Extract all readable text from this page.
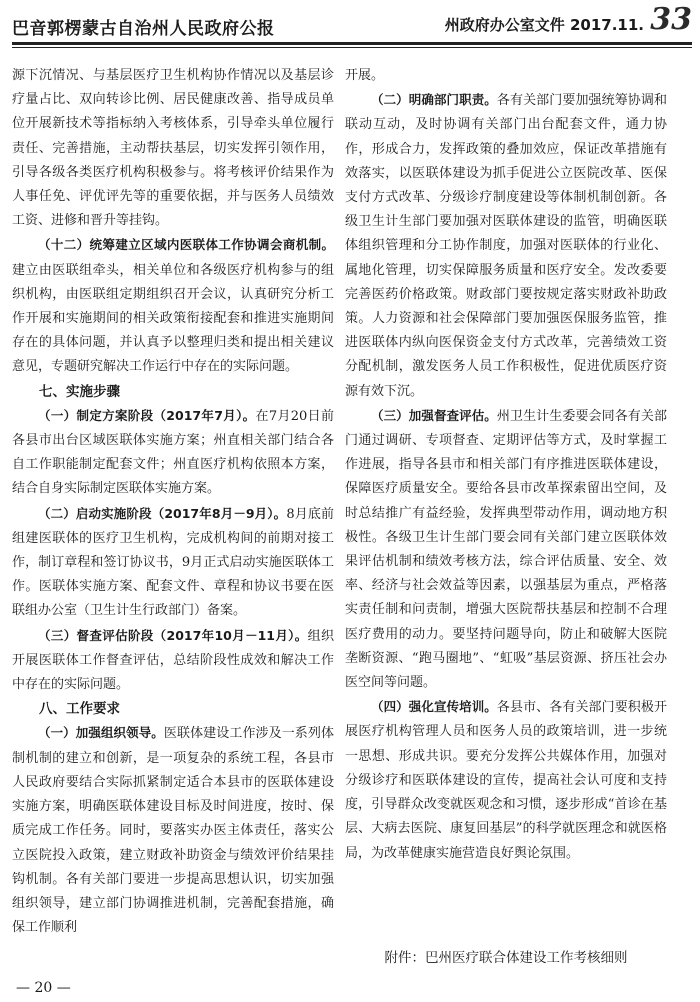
巴音郭楞蒙古自治州人民政府公报	州政府办公室文件 2017.11. 33

源下沉情况、与基层医疗卫生机构协作情况以及基层诊疗量占比、双向转诊比例、居民健康改善、指导成员单位开展新技术等指标纳入考核体系，引导牵头单位履行责任、完善措施，主动帮扶基层，切实发挥引领作用，引导各级各类医疗机构积极参与。将考核评价结果作为人事任免、评优评先等的重要依据，并与医务人员绩效工资、进修和晋升等挂钩。

（十二）统筹建立区域内医联体工作协调会商机制。建立由医联组牵头，相关单位和各级医疗机构参与的组织机构，由医联组定期组织召开会议，认真研究分析工作开展和实施期间的相关政策衔接配套和推进实施期间存在的具体问题，并认真予以整理归类和提出相关建议意见，专题研究解决工作运行中存在的实际问题。

七、实施步骤

（一）制定方案阶段（2017年7月）。在7月20日前各县市出台区域医联体实施方案；州直相关部门结合各自工作职能制定配套文件；州直医疗机构依照本方案，结合自身实际制定医联体实施方案。

（二）启动实施阶段（2017年8月－9月）。8月底前组建医联体的医疗卫生机构，完成机构间的前期对接工作，制订章程和签订协议书，9月正式启动实施医联体工作。医联体实施方案、配套文件、章程和协议书要在医联组办公室（卫生计生行政部门）备案。

（三）督查评估阶段（2017年10月－11月）。组织开展医联体工作督查评估，总结阶段性成效和解决工作中存在的实际问题。

八、工作要求

（一）加强组织领导。医联体建设工作涉及一系列体制机制的建立和创新，是一项复杂的系统工程，各县市人民政府要结合实际抓紧制定适合本县市的医联体建设实施方案，明确医联体建设目标及时间进度，按时、保质完成工作任务。同时，要落实办医主体责任，落实公立医院投入政策，建立财政补助资金与绩效评价结果挂钩机制。各有关部门要进一步提高思想认识，切实加强组织领导，建立部门协调推进机制，完善配套措施，确保工作顺利

开展。

（二）明确部门职责。各有关部门要加强统筹协调和联动互动，及时协调有关部门出台配套文件，通力协作，形成合力，发挥政策的叠加效应，保证改革措施有效落实，以医联体建设为抓手促进公立医院改革、医保支付方式改革、分级诊疗制度建设等体制机制创新。各级卫生计生部门要加强对医联体建设的监管，明确医联体组织管理和分工协作制度，加强对医联体的行业化、属地化管理，切实保障服务质量和医疗安全。发改委要完善医药价格政策。财政部门要按规定落实财政补助政策。人力资源和社会保障部门要加强医保服务监管，推进医联体内纵向医保资金支付方式改革，完善绩效工资分配机制，激发医务人员工作积极性，促进优质医疗资源有效下沉。

（三）加强督查评估。州卫生计生委要会同各有关部门通过调研、专项督查、定期评估等方式，及时掌握工作进展，指导各县市和相关部门有序推进医联体建设，保障医疗质量安全。要给各县市改革探索留出空间，及时总结推广有益经验，发挥典型带动作用，调动地方积极性。各级卫生计生部门要会同有关部门建立医联体效果评估机制和绩效考核方法，综合评估质量、安全、效率、经济与社会效益等因素，以强基层为重点，严格落实责任制和问责制，增强大医院帮扶基层和控制不合理医疗费用的动力。要坚持问题导向，防止和破解大医院垄断资源、“跑马圈地”、“虹吸”基层资源、挤压社会办医空间等问题。

（四）强化宣传培训。各县市、各有关部门要积极开展医疗机构管理人员和医务人员的政策培训，进一步统一思想、形成共识。要充分发挥公共媒体作用，加强对分级诊疗和医联体建设的宣传，提高社会认可度和支持度，引导群众改变就医观念和习惯，逐步形成“首诊在基层、大病去医院、康复回基层”的科学就医理念和就医格局，为改革健康实施营造良好舆论氛围。

附件：巴州医疗联合体建设工作考核细则
— 20 —
